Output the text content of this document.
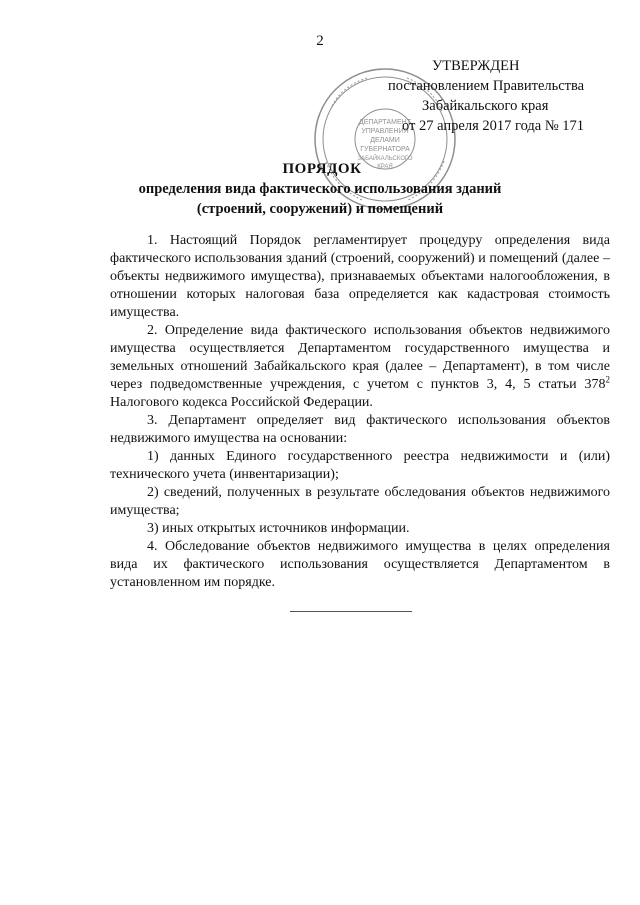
2
ДЕПАРТАМЕНТ
УПРАВЛЕНИЯ
ДЕЛАМИ
ГУБЕРНАТОРА
ЗАБАЙКАЛЬСКОГО
КРАЯ
УТВЕРЖДЕН
постановлением Правительства
Забайкальского края
от 27 апреля 2017 года № 171
ПОРЯДОК
определения вида фактического использования зданий
(строений, сооружений) и помещений

1. Настоящий Порядок регламентирует процедуру определения вида фактического использования зданий (строений, сооружений) и помещений (далее – объекты недвижимого имущества), признаваемых объектами налогообложения, в отношении которых налоговая база определяется как кадастровая стоимость имущества.

2. Определение вида фактического использования объектов недвижимого имущества осуществляется Департаментом государственного имущества и земельных отношений Забайкальского края (далее – Департамент), в том числе через подведомственные учреждения, с учетом с пунктов 3, 4, 5 статьи $378^2$ Налогового кодекса Российской Федерации.

3. Департамент определяет вид фактического использования объектов недвижимого имущества на основании:

1) данных Единого государственного реестра недвижимости и (или) технического учета (инвентаризации);

2) сведений, полученных в результате обследования объектов недвижимого имущества;

3) иных открытых источников информации.

4. Обследование объектов недвижимого имущества в целях определения вида их фактического использования осуществляется Департаментом в установленном им порядке.
